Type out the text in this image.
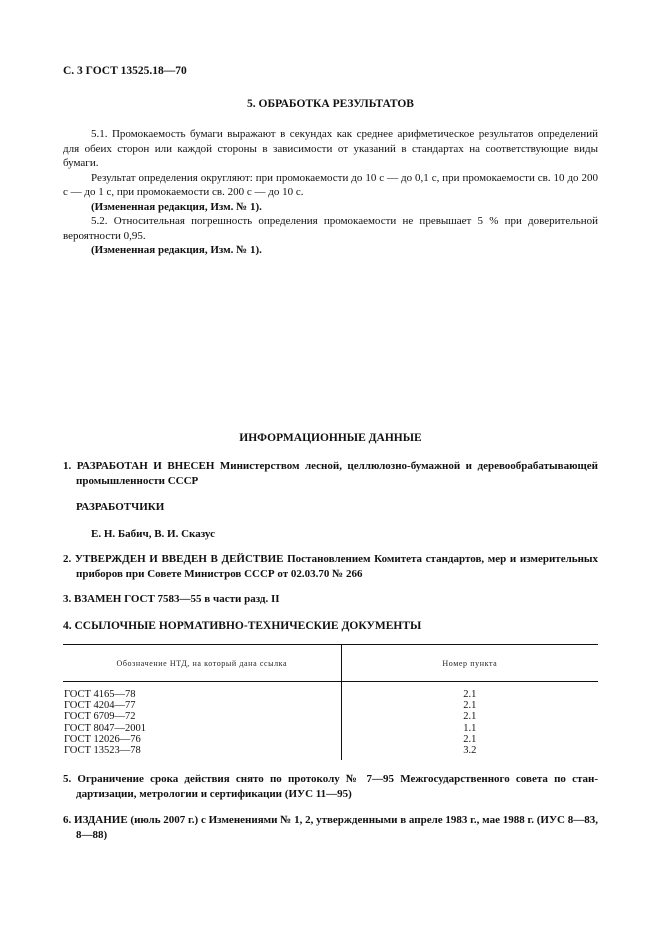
С. 3 ГОСТ 13525.18—70
5. ОБРАБОТКА РЕЗУЛЬТАТОВ

5.1. Промокаемость бумаги выражают в секундах как среднее арифметическое результатов определений для обеих сторон или каждой стороны в зависимости от указаний в стандартах на соответствующие виды бумаги.

Результат определения округляют: при промокаемости до 10 с — до 0,1 с, при промокаемости св. 10 до 200 с — до 1 с, при промокаемости св. 200 с — до 10 с.

(Измененная редакция, Изм. № 1).

5.2. Относительная погрешность определения промокаемости не превышает 5 % при доверительной вероятности 0,95.

(Измененная редакция, Изм. № 1).

ИНФОРМАЦИОННЫЕ ДАННЫЕ
1. РАЗРАБОТАН И ВНЕСЕН Министерством лесной, целлюлозно-бумажной и деревообрабатывающей промышленности СССР
РАЗРАБОТЧИКИ
Е. Н. Бабич, В. И. Сказус
2. УТВЕРЖДЕН И ВВЕДЕН В ДЕЙСТВИЕ Постановлением Комитета стандартов, мер и измерительных приборов при Совете Министров СССР от 02.03.70 № 266
3. ВЗАМЕН ГОСТ 7583—55 в части разд. II
4. ССЫЛОЧНЫЕ НОРМАТИВНО-ТЕХНИЧЕСКИЕ ДОКУМЕНТЫ
Обозначение НТД, на который дана ссылка	Номер пункта

ГОСТ 4165—78	2.1
ГОСТ 4204—77	2.1
ГОСТ 6709—72	2.1
ГОСТ 8047—2001	1.1
ГОСТ 12026—76	2.1
ГОСТ 13523—78	3.2
5. Ограничение срока действия снято по протоколу № 7—95 Межгосударственного совета по стандартизации, метрологии и сертификации (ИУС 11—95)
6. ИЗДАНИЕ (июль 2007 г.) с Изменениями № 1, 2, утвержденными в апреле 1983 г., мае 1988 г. (ИУС 8—83, 8—88)
